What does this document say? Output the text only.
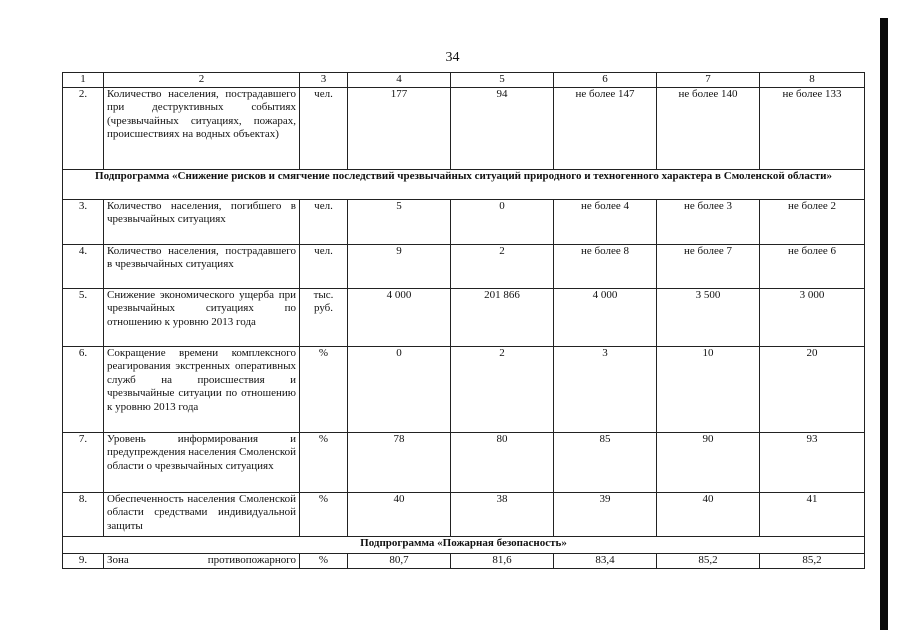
34
1	2	3	4	5	6	7	8
2.	Количество населения, пострадавшего при деструктивных событиях (чрезвычайных ситуациях, пожарах, происшествиях на водных объектах)	чел.	177	94	не более 147	не более 140	не более 133
Подпрограмма «Снижение рисков и смягчение последствий чрезвычайных ситуаций природного и техногенного характера в Смоленской области»							
3.	Количество населения, погибшего в чрезвычайных ситуациях	чел.	5	0	не более 4	не более 3	не более 2
4.	Количество населения, пострадавшего в чрезвычайных ситуациях	чел.	9	2	не более 8	не более 7	не более 6
5.	Снижение экономического ущерба при чрезвычайных ситуациях по отношению к уровню 2013 года	тыс. руб.	4 000	201 866	4 000	3 500	3 000
6.	Сокращение времени комплексного реагирования экстренных оперативных служб на происшествия и чрезвычайные ситуации по отношению к уровню 2013 года	%	0	2	3	10	20
7.	Уровень информирования и предупреждения населения Смоленской области о чрезвычайных ситуациях	%	78	80	85	90	93
8.	Обеспеченность населения Смоленской области средствами индивидуальной защиты	%	40	38	39	40	41
Подпрограмма «Пожарная безопасность»							
9.	Зона противопожарного	%	80,7	81,6	83,4	85,2	85,2
